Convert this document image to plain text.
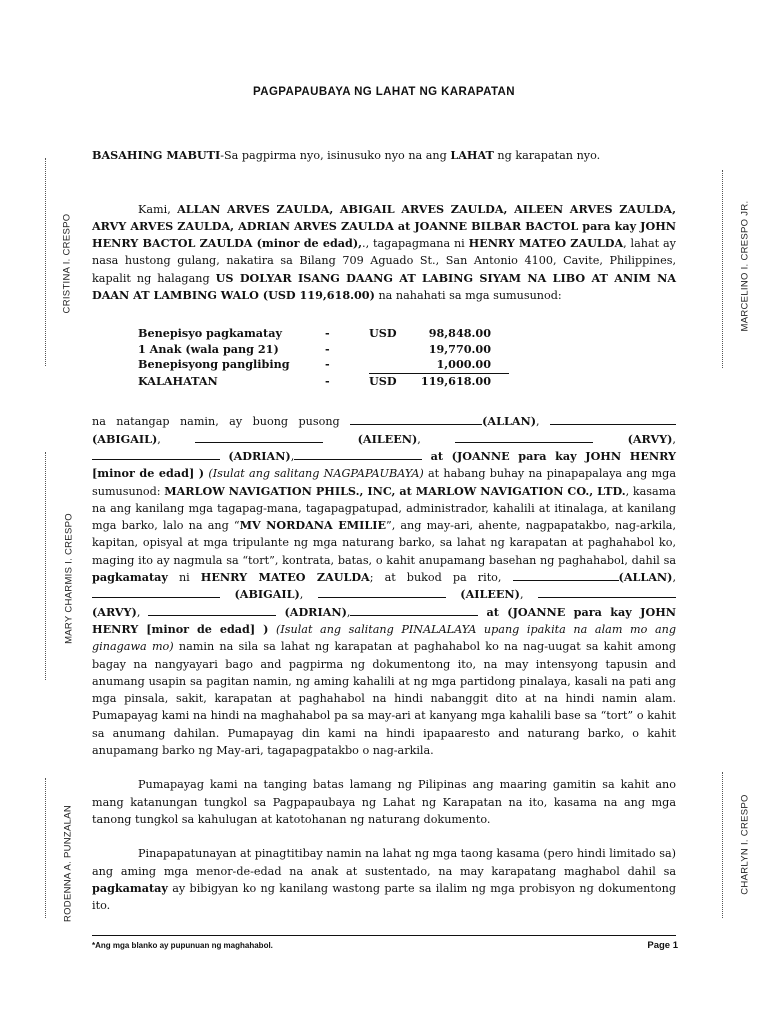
CRISTINA I. CRESPO	MARCELINO I. CRESPO JR.
MARY CHARMIS I. CRESPO
RODENNA A. PUNZALAN	CHARLYN I. CRESPO
PAGPAPAUBAYA NG LAHAT NG KARAPATAN

BASAHING MABUTI-Sa pagpirma nyo, isinusuko nyo na ang LAHAT ng karapatan nyo.

Kami, ALLAN ARVES ZAULDA, ABIGAIL ARVES ZAULDA, AILEEN ARVES ZAULDA, ARVY ARVES ZAULDA, ADRIAN ARVES ZAULDA at JOANNE BILBAR BACTOL para kay JOHN HENRY BACTOL ZAULDA (minor de edad),., tagapagmana ni HENRY MATEO ZAULDA, lahat ay nasa hustong gulang, nakatira sa Bilang 709 Aguado St., San Antonio 4100, Cavite, Philippines, kapalit ng halagang US DOLYAR ISANG DAANG AT LABING SIYAM NA LIBO AT ANIM NA DAAN AT LAMBING WALO (USD 119,618.00) na nahahati sa mga sumusunod:

Benepisyo pagkamatay	-	USD	98,848.00
1 Anak (wala pang 21)	-	19,770.00
Benepisyong panglibing	-	1,000.00
KALAHATAN	-	USD	119,618.00

na natangap namin, ay buong pusong	(ALLAN),  (ABIGAIL),	(AILEEN),	(ARVY),  (ADRIAN),	at (JOANNE para kay JOHN HENRY [minor de edad] ) (Isulat ang salitang NAGPAPAUBAYA) at habang buhay na pinapapalaya ang mga sumusunod: MARLOW NAVIGATION PHILS., INC, at MARLOW NAVIGATION CO., LTD., kasama na ang kanilang mga tagapag-mana, tagapagpatupad, administrador, kahalili at itinalaga, at kanilang mga barko, lalo na ang “MV NORDANA EMILIE”, ang may-ari, ahente, nagpapatakbo, nag-arkila, kapitan, opisyal at mga tripulante ng mga naturang barko, sa lahat ng karapatan at paghahabol ko, maging ito ay nagmula sa “tort”, kontrata, batas, o kahit anupamang basehan ng paghahabol, dahil sa pagkamatay ni HENRY MATEO ZAULDA; at bukod pa rito,	(ALLAN),  (ABIGAIL),	(AILEEN),  (ARVY),	(ADRIAN),	at (JOANNE para kay JOHN HENRY [minor de edad] ) (Isulat ang salitang PINALALAYA upang ipakita na alam mo ang ginagawa mo) namin na sila sa lahat ng karapatan at paghahabol ko na nag-uugat sa kahit among bagay na nangyayari bago and pagpirma ng dokumentong ito, na may intensyong tapusin and anumang usapin sa pagitan namin, ng aming kahalili at ng mga partidong pinalaya, kasali na pati ang mga pinsala, sakit, karapatan at paghahabol na hindi nabanggit dito at na hindi namin alam. Pumapayag kami na hindi na maghahabol pa sa may-ari at kanyang mga kahalili base sa “tort” o kahit sa anumang dahilan. Pumapayag din kami na hindi ipapaaresto and naturang barko, o kahit anupamang barko ng May-ari, tagapagpatakbo o nag-arkila.

Pumapayag kami na tanging batas lamang ng Pilipinas ang maaring gamitin sa kahit ano mang katanungan tungkol sa Pagpapaubaya ng Lahat ng Karapatan na ito, kasama na ang mga tanong tungkol sa kahulugan at katotohanan ng naturang dokumento.

Pinapapatunayan at pinagtitibay namin na lahat ng mga taong kasama (pero hindi limitado sa) ang aming mga menor-de-edad na anak at sustentado, na may karapatang maghabol dahil sa pagkamatay ay bibigyan ko ng kanilang wastong parte sa ilalim ng mga probisyon ng dokumentong ito.

*Ang mga blanko ay pupunuan ng maghahabol.	Page 1
